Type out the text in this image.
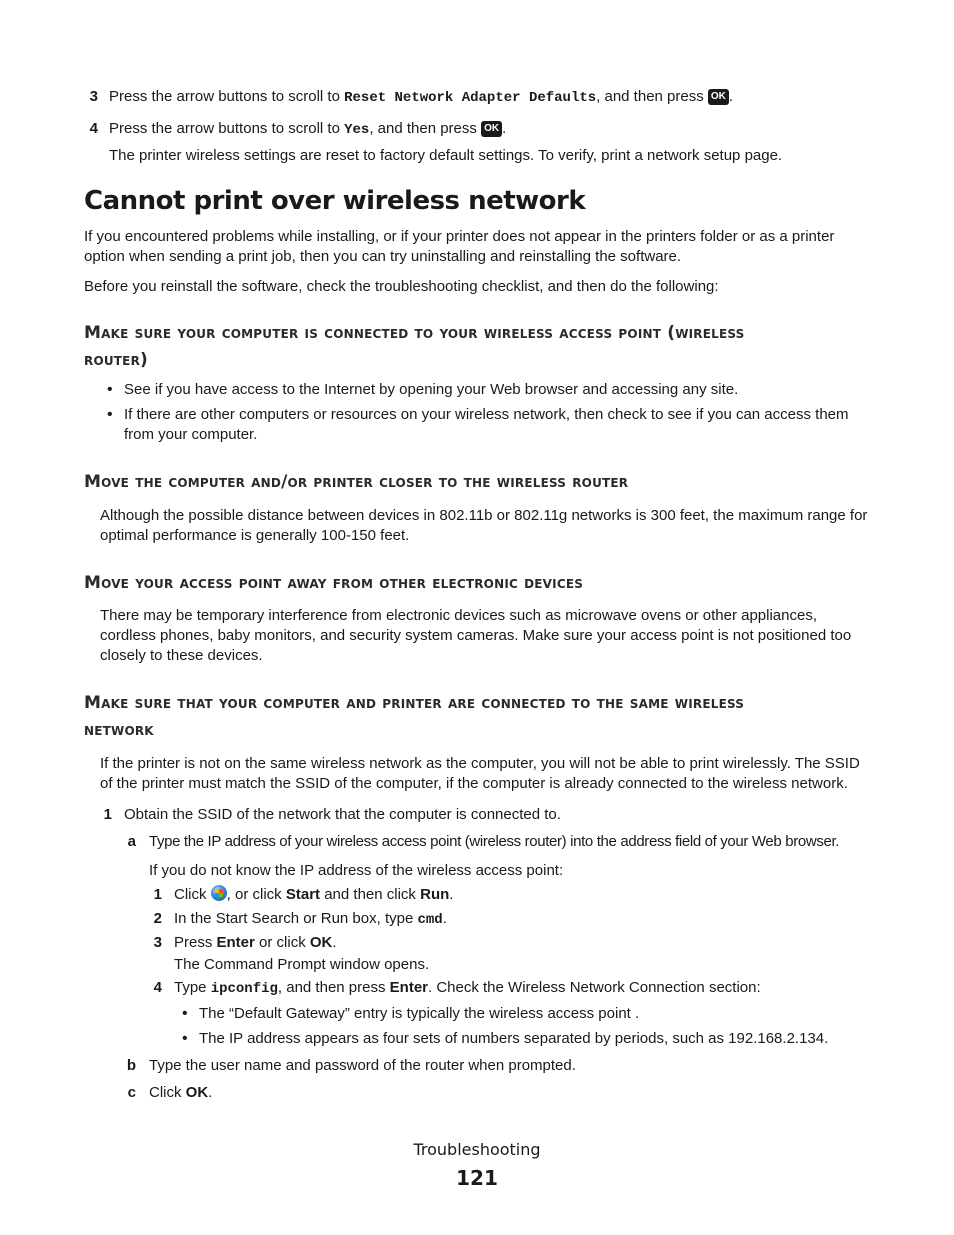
3 Press the arrow buttons to scroll to Reset Network Adapter Defaults, and then press OK .
4 Press the arrow buttons to scroll to Yes, and then press OK .
The printer wireless settings are reset to factory default settings. To verify, print a network setup page.
Cannot print over wireless network
If you encountered problems while installing, or if your printer does not appear in the printers folder or as a printer option when sending a print job, then you can try uninstalling and reinstalling the software.
Before you reinstall the software, check the troubleshooting checklist, and then do the following:
Make sure your computer is connected to your wireless access point (wireless
router)
• See if you have access to the Internet by opening your Web browser and accessing any site.
• If there are other computers or resources on your wireless network, then check to see if you can access them from your computer.
Move the computer and/or printer closer to the wireless router
Although the possible distance between devices in 802.11b or 802.11g networks is 300 feet, the maximum range for optimal performance is generally 100-150 feet.
Move your access point away from other electronic devices
There may be temporary interference from electronic devices such as microwave ovens or other appliances, cordless phones, baby monitors, and security system cameras. Make sure your access point is not positioned too closely to these devices.
Make sure that your computer and printer are connected to the same wireless
network
If the printer is not on the same wireless network as the computer, you will not be able to print wirelessly. The SSID of the printer must match the SSID of the computer, if the computer is already connected to the wireless network.
1 Obtain the SSID of the network that the computer is connected to.
a Type the IP address of your wireless access point (wireless router) into the address field of your Web browser.
If you do not know the IP address of the wireless access point:
1 Click
, or click Start and then click Run.
2 In the Start Search or Run box, type cmd.
3 Press Enter or click OK.
The Command Prompt window opens.
4 Type ipconfig, and then press Enter. Check the Wireless Network Connection section:
• The “Default Gateway” entry is typically the wireless access point .
• The IP address appears as four sets of numbers separated by periods, such as 192.168.2.134.
b Type the user name and password of the router when prompted.
c Click OK.
Troubleshooting
121
